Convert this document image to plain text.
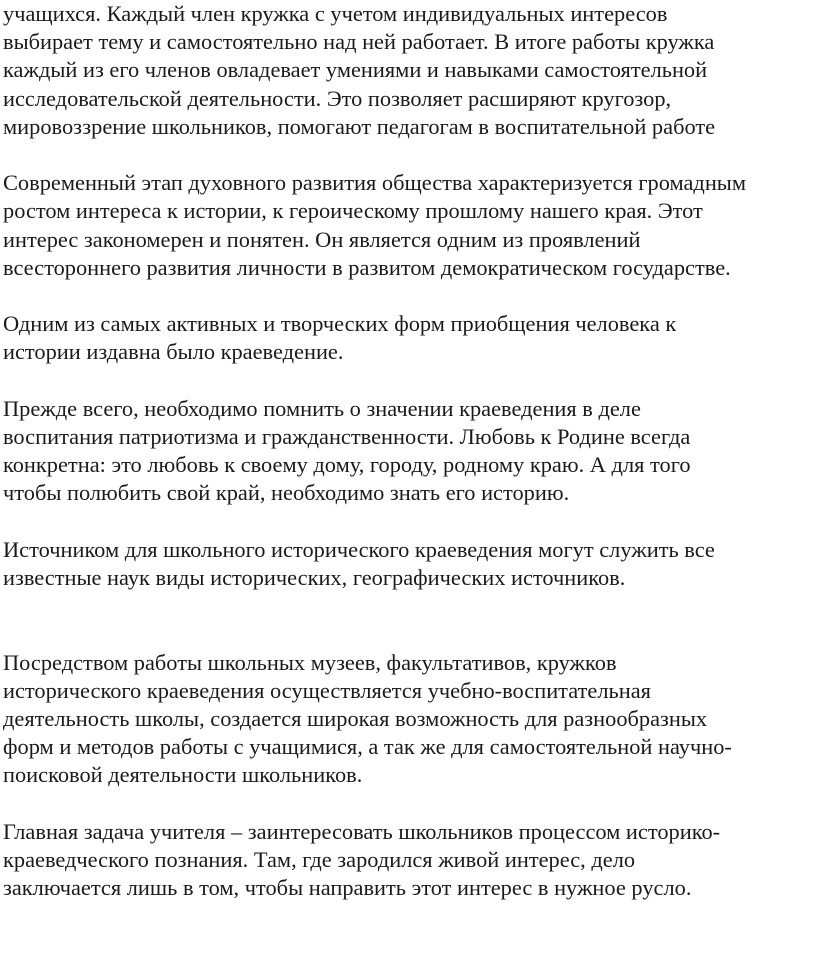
учащихся. Каждый член кружка с учетом индивидуальных интересов
выбирает тему и самостоятельно над ней работает. В итоге работы кружка
каждый из его членов овладевает умениями и навыками самостоятельной
исследовательской деятельности. Это позволяет расширяют кругозор,
мировоззрение школьников, помогают педагогам в воспитательной работе
Современный этап духовного развития общества характеризуется громадным
ростом интереса к истории, к героическому прошлому нашего края. Этот
интерес закономерен и понятен. Он является одним из проявлений
всестороннего развития личности в развитом демократическом государстве.
Одним из самых активных и творческих форм приобщения человека к
истории издавна было краеведение.
Прежде всего, необходимо помнить о значении краеведения в деле
воспитания патриотизма и гражданственности. Любовь к Родине всегда
конкретна: это любовь к своему дому, городу, родному краю. А для того
чтобы полюбить свой край, необходимо знать его историю.
Источником для школьного исторического краеведения могут служить все
известные наук виды исторических, географических источников.
Посредством работы школьных музеев, факультативов, кружков
исторического краеведения осуществляется учебно-воспитательная
деятельность школы, создается широкая возможность для разнообразных
форм и методов работы с учащимися, а так же для самостоятельной научно-
поисковой деятельности школьников.
Главная задача учителя – заинтересовать школьников процессом историко-
краеведческого познания. Там, где зародился живой интерес, дело
заключается лишь в том, чтобы направить этот интерес в нужное русло.
